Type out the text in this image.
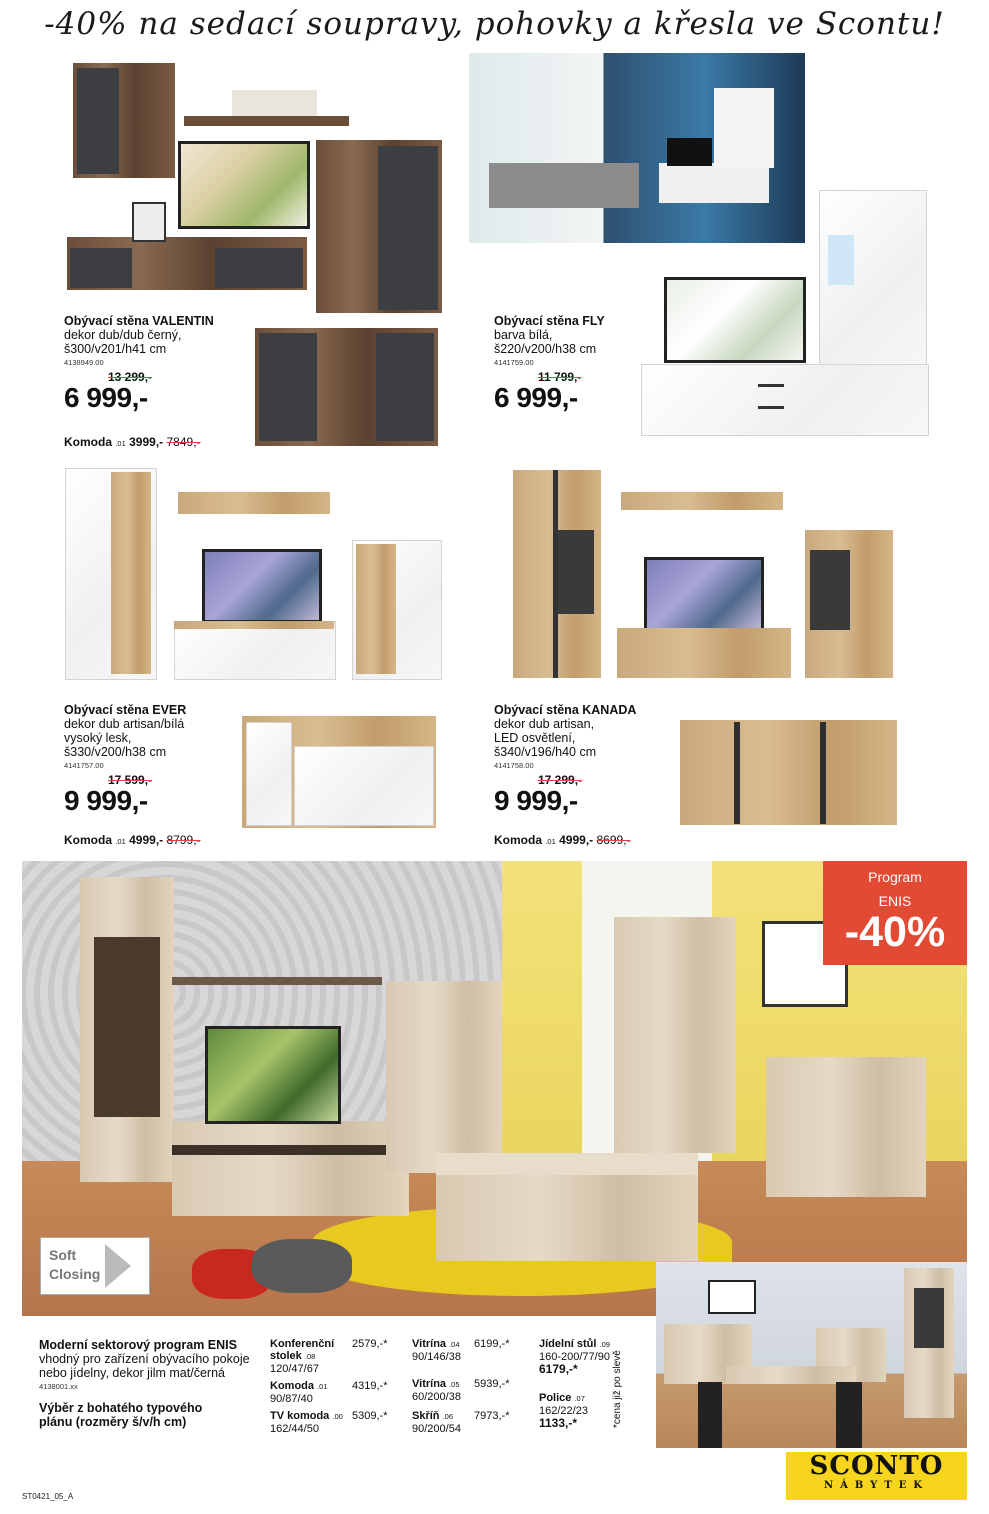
-40% na sedací soupravy, pohovky a křesla ve Scontu!
Obývací stěna VALENTIN
dekor dub/dub černý,
š300/v201/h41 cm
4138949.00
13 299,-
6 999,-
Komoda .01 3999,- 7849,-
Obývací stěna FLY
barva bílá,
š220/v200/h38 cm
4141759.00
11 799,-
6 999,-
Obývací stěna EVER
dekor dub artisan/bílá
vysoký lesk,
š330/v200/h38 cm
4141757.00
17 599,-
9 999,-
Komoda .01 4999,- 8799,-
Obývací stěna KANADA
dekor dub artisan,
LED osvětlení,
š340/v196/h40 cm
4141758.00
17 299,-
9 999,-
Komoda .01 4999,- 8699,-
Program
ENIS
-40%
Soft
Closing
Moderní sektorový program ENIS
vhodný pro zařízení obývacího pokoje
nebo jídelny, dekor jilm mat/černá
4138001.xx
Výběr z bohatého typového
plánu (rozměry š/v/h cm)
Konferenční
stolek .08
120/47/67
2579,-*
Komoda .01
90/87/40
4319,-*
TV komoda .00
162/44/50
5309,-*
Vitrína .04
90/146/38
6199,-*
Vitrína .05
60/200/38
5939,-*
Skříň .06
90/200/54
7973,-*
Jídelní stůl .09
160-200/77/90
6179,-*
Police .07
162/22/23
1133,-*	*cena již po slevě
SCONTO
NÁBYTEK
ST0421_05_A
